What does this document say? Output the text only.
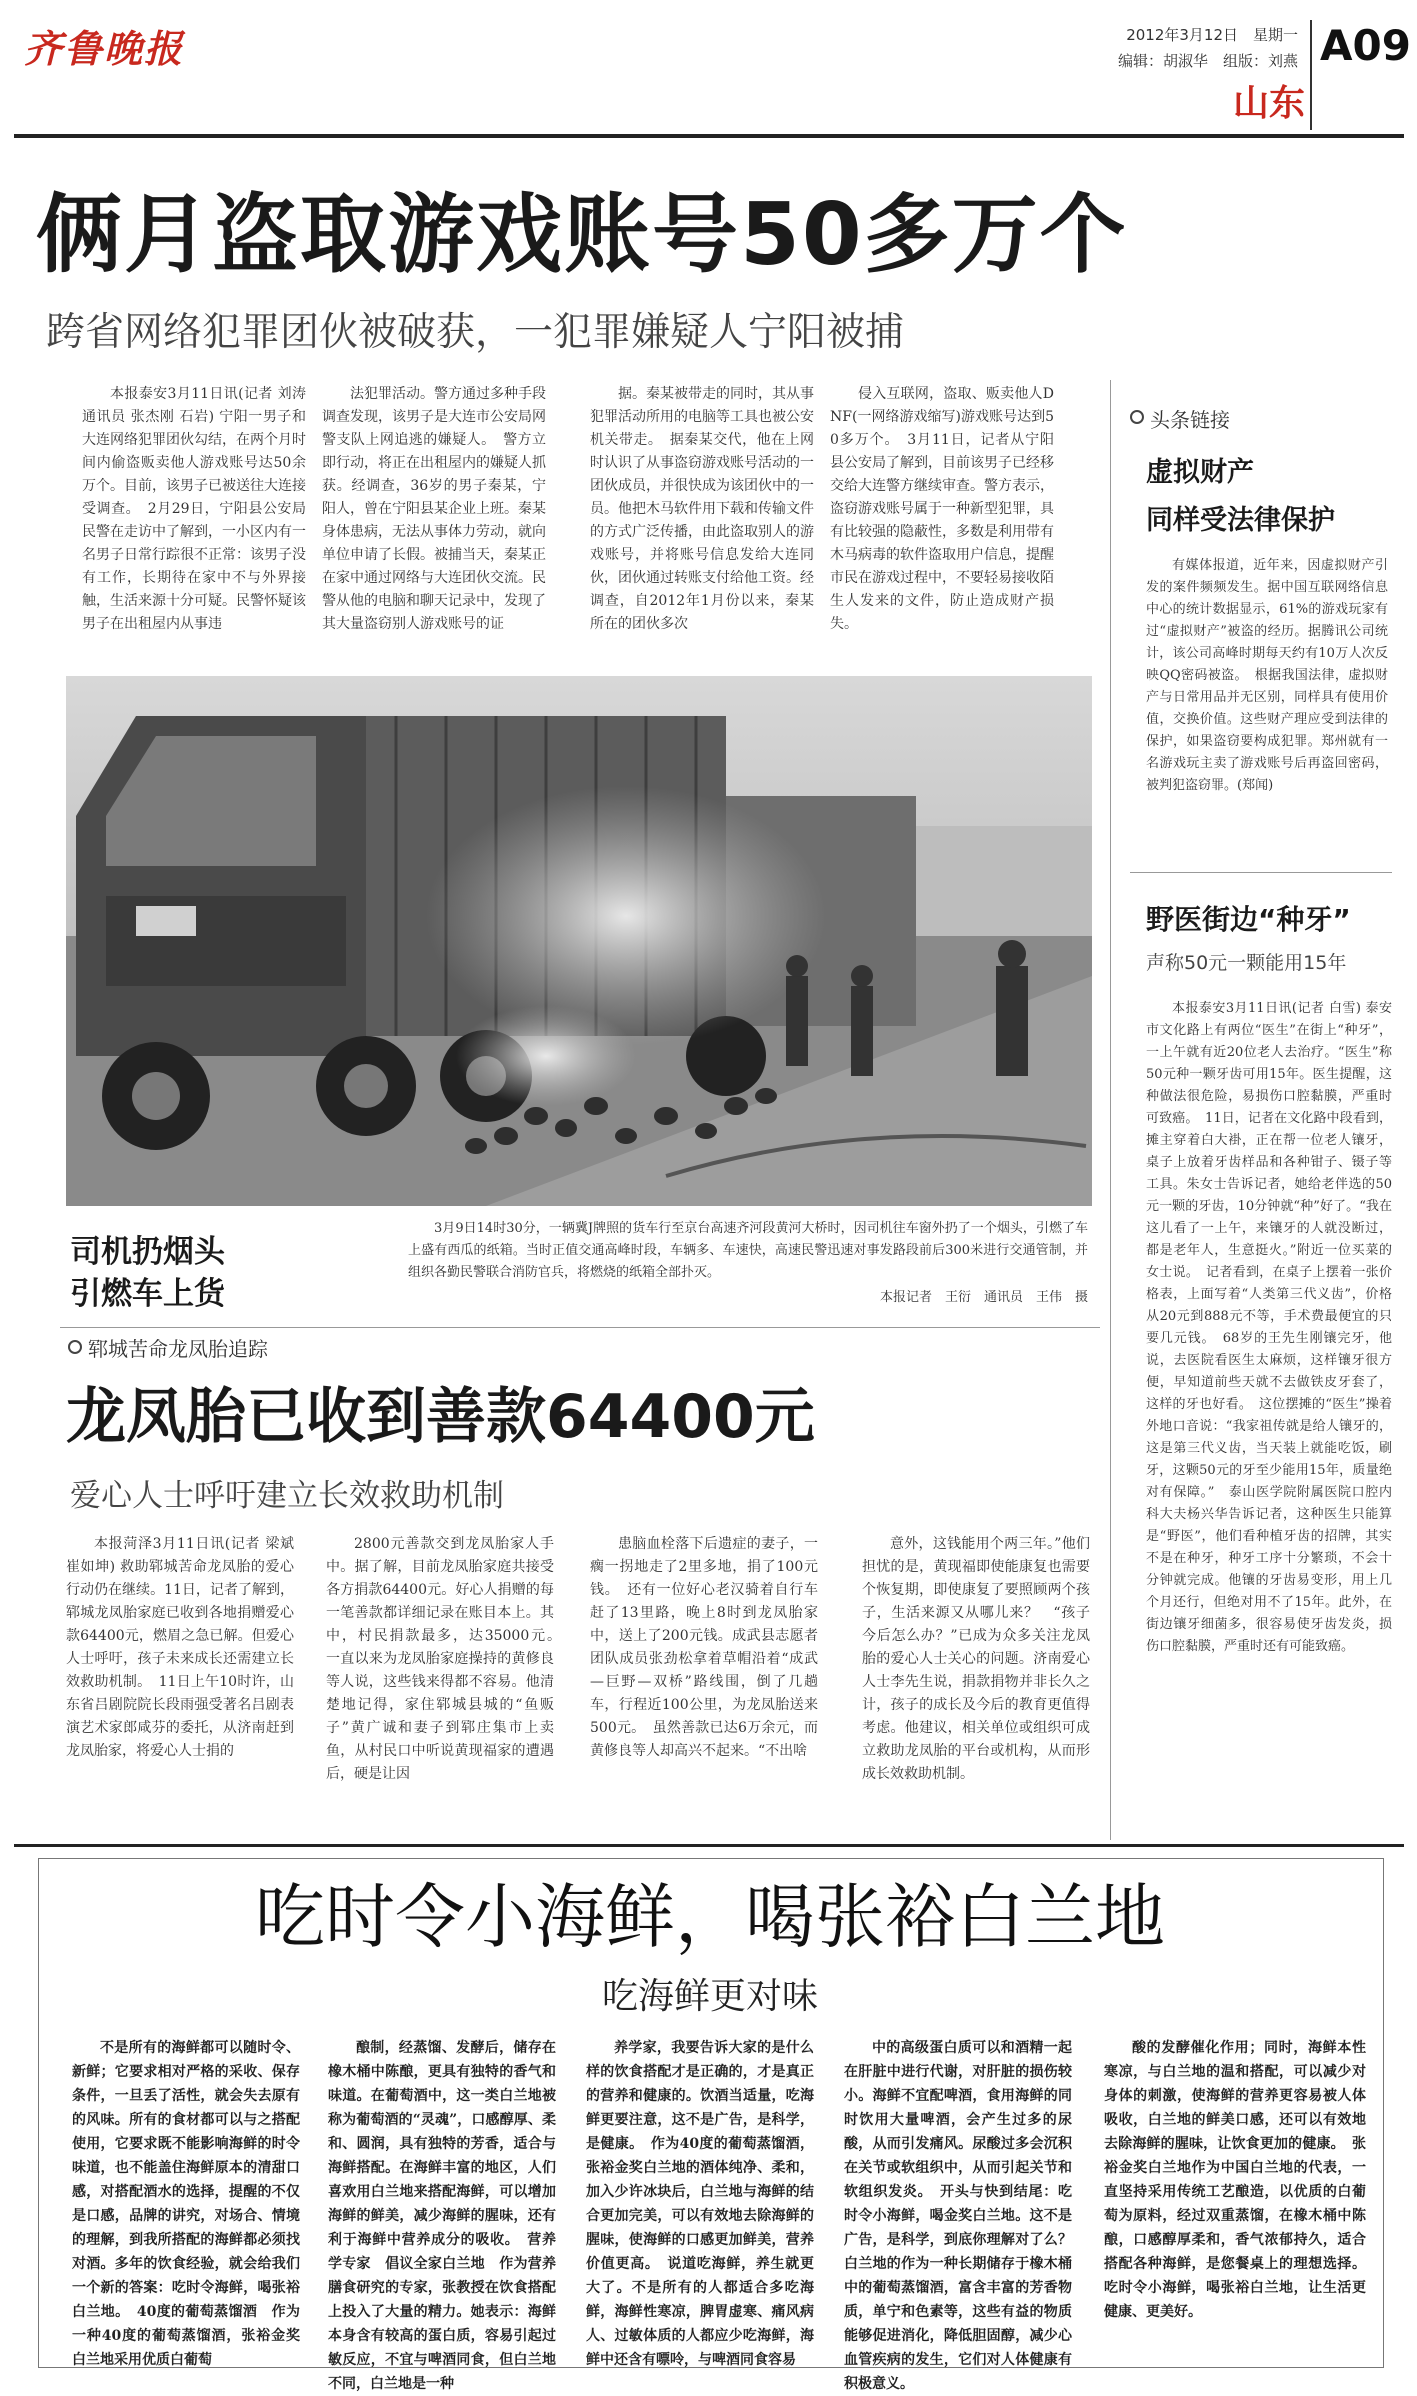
齐鲁晚报	2012年3月12日　星期一
编辑：胡淑华　组版：刘燕 A09
山东
俩月盗取游戏账号50多万个
跨省网络犯罪团伙被破获，一犯罪嫌疑人宁阳被捕

本报泰安3月11日讯(记者 刘涛 通讯员 张杰刚 石岩) 宁阳一男子和大连网络犯罪团伙勾结，在两个月时间内偷盗贩卖他人游戏账号达50余万个。目前，该男子已被送往大连接受调查。　2月29日，宁阳县公安局民警在走访中了解到，一小区内有一名男子日常行踪很不正常：该男子没有工作，长期待在家中不与外界接触，生活来源十分可疑。民警怀疑该男子在出租屋内从事违

法犯罪活动。警方通过多种手段调查发现，该男子是大连市公安局网警支队上网追逃的嫌疑人。　警方立即行动，将正在出租屋内的嫌疑人抓获。经调查，36岁的男子秦某，宁阳人，曾在宁阳县某企业上班。秦某身体患病，无法从事体力劳动，就向单位申请了长假。被捕当天，秦某正在家中通过网络与大连团伙交流。民警从他的电脑和聊天记录中，发现了其大量盗窃别人游戏账号的证

据。秦某被带走的同时，其从事犯罪活动所用的电脑等工具也被公安机关带走。　据秦某交代，他在上网时认识了从事盗窃游戏账号活动的一团伙成员，并很快成为该团伙中的一员。他把木马软件用下载和传输文件的方式广泛传播，由此盗取别人的游戏账号，并将账号信息发给大连同伙，团伙通过转账支付给他工资。经调查，自2012年1月份以来，秦某所在的团伙多次

侵入互联网，盗取、贩卖他人DNF(一网络游戏缩写)游戏账号达到50多万个。　3月11日，记者从宁阳县公安局了解到，目前该男子已经移交给大连警方继续审查。警方表示，盗窃游戏账号属于一种新型犯罪，具有比较强的隐蔽性，多数是利用带有木马病毒的软件盗取用户信息，提醒市民在游戏过程中，不要轻易接收陌生人发来的文件，防止造成财产损失。

头条链接
虚拟财产
同样受法律保护

有媒体报道，近年来，因虚拟财产引发的案件频频发生。据中国互联网络信息中心的统计数据显示，61%的游戏玩家有过“虚拟财产”被盗的经历。据腾讯公司统计，该公司高峰时期每天约有10万人次反映QQ密码被盗。　根据我国法律，虚拟财产与日常用品并无区别，同样具有使用价值，交换价值。这些财产理应受到法律的保护，如果盗窃要构成犯罪。郑州就有一名游戏玩主卖了游戏账号后再盗回密码，被判犯盗窃罪。(郑闻)

司机扔烟头
引燃车上货

3月9日14时30分，一辆冀J牌照的货车行至京台高速齐河段黄河大桥时，因司机往车窗外扔了一个烟头，引燃了车上盛有西瓜的纸箱。当时正值交通高峰时段，车辆多、车速快，高速民警迅速对事发路段前后300米进行交通管制，并组织各勤民警联合消防官兵，将燃烧的纸箱全部扑灭。

本报记者　王衍　通讯员　王伟　摄
郓城苦命龙凤胎追踪
龙凤胎已收到善款64400元
爱心人士呼吁建立长效救助机制

本报菏泽3月11日讯(记者 梁斌 崔如坤) 救助郓城苦命龙凤胎的爱心行动仍在继续。11日，记者了解到，郓城龙凤胎家庭已收到各地捐赠爱心款64400元，燃眉之急已解。但爱心人士呼吁，孩子未来成长还需建立长效救助机制。　11日上午10时许，山东省吕剧院院长段雨强受著名吕剧表演艺术家郎咸芬的委托，从济南赶到龙凤胎家，将爱心人士捐的

2800元善款交到龙凤胎家人手中。据了解，目前龙凤胎家庭共接受各方捐款64400元。好心人捐赠的每一笔善款都详细记录在账目本上。其中，村民捐款最多，达35000元。　一直以来为龙凤胎家庭操持的黄修良等人说，这些钱来得都不容易。他清楚地记得，家住郓城县城的“鱼贩子”黄广诚和妻子到郓庄集市上卖鱼，从村民口中听说黄现福家的遭遇后，硬是让因

患脑血栓落下后遗症的妻子，一瘸一拐地走了2里多地，捐了100元钱。　还有一位好心老汉骑着自行车赶了13里路，晚上8时到龙凤胎家中，送上了200元钱。成武县志愿者团队成员张劲松拿着草帽沿着“成武—巨野—双桥”路线围，倒了几趟车，行程近100公里，为龙凤胎送来500元。　虽然善款已达6万余元，而黄修良等人却高兴不起来。“不出啥

意外，这钱能用个两三年。”他们担忧的是，黄现福即使能康复也需要个恢复期，即使康复了要照顾两个孩子，生活来源又从哪儿来？　“孩子今后怎么办？”已成为众多关注龙凤胎的爱心人士关心的问题。济南爱心人士李先生说，捐款捐物并非长久之计，孩子的成长及今后的教育更值得考虑。他建议，相关单位或组织可成立救助龙凤胎的平台或机构，从而形成长效救助机制。

野医街边“种牙”
声称50元一颗能用15年

本报泰安3月11日讯(记者 白雪) 泰安市文化路上有两位“医生”在街上“种牙”，一上午就有近20位老人去治疗。“医生”称50元种一颗牙齿可用15年。医生提醒，这种做法很危险，易损伤口腔黏膜，严重时可致癌。　11日，记者在文化路中段看到，摊主穿着白大褂，正在帮一位老人镶牙，桌子上放着牙齿样品和各种钳子、镊子等工具。朱女士告诉记者，她给老伴选的50元一颗的牙齿，10分钟就“种”好了。“我在这儿看了一上午，来镶牙的人就没断过，都是老年人，生意挺火。”附近一位买菜的女士说。　记者看到，在桌子上摆着一张价格表，上面写着“人类第三代义齿”，价格从20元到888元不等，手术费最便宜的只要几元钱。　68岁的王先生刚镶完牙，他说，去医院看医生太麻烦，这样镶牙很方便，早知道前些天就不去做铁皮牙套了，这样的牙也好看。　这位摆摊的“医生”操着外地口音说：“我家祖传就是给人镶牙的，这是第三代义齿，当天装上就能吃饭，刷牙，这颗50元的牙至少能用15年，质量绝对有保障。”　泰山医学院附属医院口腔内科大夫杨兴华告诉记者，这种医生只能算是“野医”，他们看种植牙齿的招牌，其实不是在种牙，种牙工序十分繁琐，不会十分钟就完成。他镶的牙齿易变形，用上几个月还行，但绝对用不了15年。此外，在街边镶牙细菌多，很容易使牙齿发炎，损伤口腔黏膜，严重时还有可能致癌。

吃时令小海鲜，喝张裕白兰地
吃海鲜更对味

不是所有的海鲜都可以随时令、新鲜；它要求相对严格的采收、保存条件，一旦丢了活性，就会失去原有的风味。所有的食材都可以与之搭配使用，它要求既不能影响海鲜的时令味道，也不能盖住海鲜原本的清甜口感，对搭配酒水的选择，提醒的不仅是口感，品牌的讲究，对场合、情境的理解，到我所搭配的海鲜都必须找对酒。多年的饮食经验，就会给我们一个新的答案：吃时令海鲜，喝张裕白兰地。　40度的葡萄蒸馏酒　作为一种40度的葡萄蒸馏酒，张裕金奖白兰地采用优质白葡萄

酿制，经蒸馏、发酵后，储存在橡木桶中陈酿，更具有独特的香气和味道。在葡萄酒中，这一类白兰地被称为葡萄酒的“灵魂”，口感醇厚、柔和、圆润，具有独特的芳香，适合与海鲜搭配。在海鲜丰富的地区，人们喜欢用白兰地来搭配海鲜，可以增加海鲜的鲜美，减少海鲜的腥味，还有利于海鲜中营养成分的吸收。　营养学专家　倡议全家白兰地　作为营养膳食研究的专家，张教授在饮食搭配上投入了大量的精力。她表示：海鲜本身含有较高的蛋白质，容易引起过敏反应，不宜与啤酒同食，但白兰地不同，白兰地是一种

养学家，我要告诉大家的是什么样的饮食搭配才是正确的，才是真正的营养和健康的。饮酒当适量，吃海鲜更要注意，这不是广告，是科学，是健康。　作为40度的葡萄蒸馏酒，张裕金奖白兰地的酒体纯净、柔和，加入少许冰块后，白兰地与海鲜的结合更加完美，可以有效地去除海鲜的腥味，使海鲜的口感更加鲜美，营养价值更高。　说道吃海鲜，养生就更大了。不是所有的人都适合多吃海鲜，海鲜性寒凉，脾胃虚寒、痛风病人、过敏体质的人都应少吃海鲜，海鲜中还含有嘌呤，与啤酒同食容易

中的高级蛋白质可以和酒精一起在肝脏中进行代谢，对肝脏的损伤较小。海鲜不宜配啤酒，食用海鲜的同时饮用大量啤酒，会产生过多的尿酸，从而引发痛风。尿酸过多会沉积在关节或软组织中，从而引起关节和软组织发炎。　开头与快到结尾：吃时令小海鲜，喝金奖白兰地。这不是广告，是科学，到底你理解对了么？白兰地的作为一种长期储存于橡木桶中的葡萄蒸馏酒，富含丰富的芳香物质，单宁和色素等，这些有益的物质能够促进消化，降低胆固醇，减少心血管疾病的发生，它们对人体健康有积极意义。

酸的发酵催化作用；同时，海鲜本性寒凉，与白兰地的温和搭配，可以减少对身体的刺激，使海鲜的营养更容易被人体吸收，白兰地的鲜美口感，还可以有效地去除海鲜的腥味，让饮食更加的健康。　张裕金奖白兰地作为中国白兰地的代表，一直坚持采用传统工艺酿造，以优质的白葡萄为原料，经过双重蒸馏，在橡木桶中陈酿，口感醇厚柔和，香气浓郁持久，适合搭配各种海鲜，是您餐桌上的理想选择。吃时令小海鲜，喝张裕白兰地，让生活更健康、更美好。
